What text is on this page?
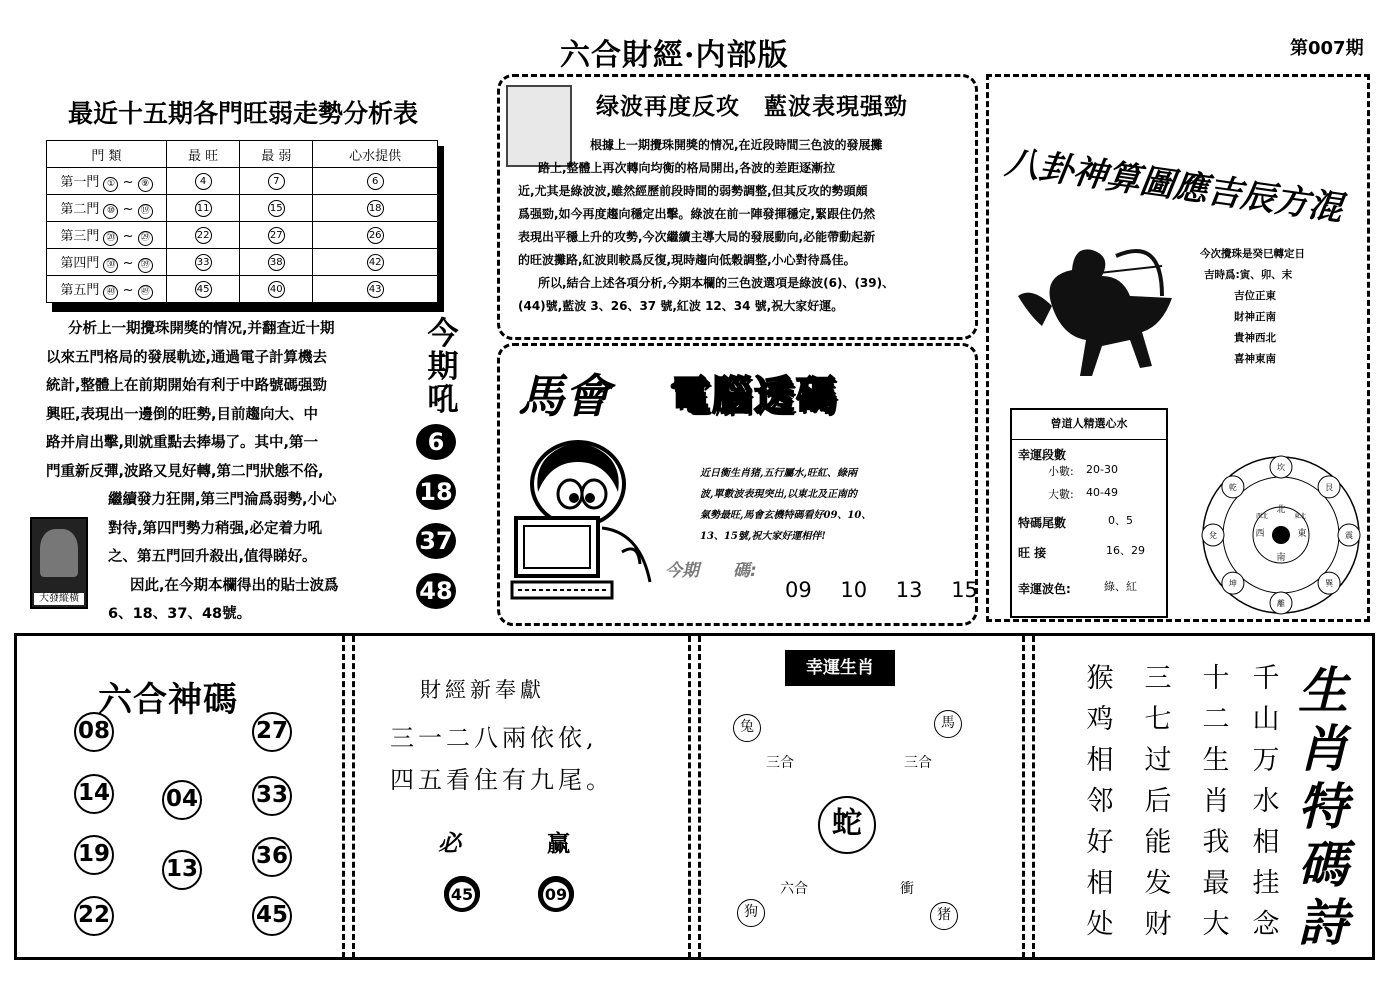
六合財經·内部版	第007期
最近十五期各門旺弱走勢分析表
門 類	最 旺	最 弱	心水提供
第一門 ① ~ ⑨	4	7	6
第二門 ⑩ ~ ⑲	11	15	18
第三門 ⑳ ~ ㉙	22	27	26
第四門 ㉚ ~ ㊴	33	38	42
第五門 ㊵ ~ ㊾	45	40	43

分析上一期攪珠開獎的情况,并翻查近十期

以來五門格局的發展軌迹,通過電子計算機去

統計,整體上在前期開始有利于中路號碼强勁

興旺,表現出一邊倒的旺勢,目前趨向大、中

路并肩出擊,則就重點去捧場了。其中,第一

門重新反彈,波路又見好轉,第二門狀態不俗,

繼續發力狂開,第三門淪爲弱勢,小心

對待,第四門勢力稍强,必定着力吼

之、第五門回升殺出,值得睇好。

因此,在今期本欄得出的貼士波爲

6、18、37、48號。

大發縱橫
今期吼
6
18
37
48
绿波再度反攻　藍波表現强勁
根據上一期攪珠開獎的情况,在近段時間三色波的發展攤
路上,整體上再次轉向均衡的格局開出,各波的差距逐漸拉
近,尤其是綠波波,雖然經歷前段時間的弱勢調整,但其反攻的勢頭頗
爲强勁,如今再度趨向穩定出擊。綠波在前一陣發揮穩定,緊跟住仍然
表現出平穩上升的攻勢,今次繼續主導大局的發展動向,必能帶動起新
的旺波攤路,紅波則較爲反復,現時趨向低穀調整,小心對待爲佳。
所以,結合上述各項分析,今期本欄的三色波選項是綠波(6)、(39)、
(44)號,藍波 3、26、37 號,紅波 12、34 號,祝大家好運。
馬會 電腦透碼
近日衡生肖猪,五行屬水,旺紅、綠兩
波,單數波表現突出,以東北及正南的
氣勢最旺,馬會玄機特碼看好09、10、
13、15號,祝大家好運相伴!
今期　　碼:
09 10 13 15
八卦神算圖應吉辰方混
今次攪珠是癸巳轉定日
吉時爲:寅、卯、末
吉位正東
財神正南
貴神西北
喜神東南
曾道人精選心水
幸運段數
小數: 20-30
大數: 40-49
特碼尾數	0、5
旺 接	16、29
幸運波色:	綠、紅
坎
艮
震
巽
離
坤
兌
乾
北
東
南
西
東北
西北
六合神碼
08	27
14 04	33
19
13	36
22	45
財經新奉獻
三一二八兩依依,
四五看住有九尾。
必	赢
45	09
幸運生肖
兔	馬
三合	三合
蛇
六合	衝
狗	猪
猴
鸡
相
邻
好
相
处
三
七
过
后
能
发
财
十
二
生
肖
我
最
大
千
山
万
水
相
挂
念
生
肖
特
碼
詩
